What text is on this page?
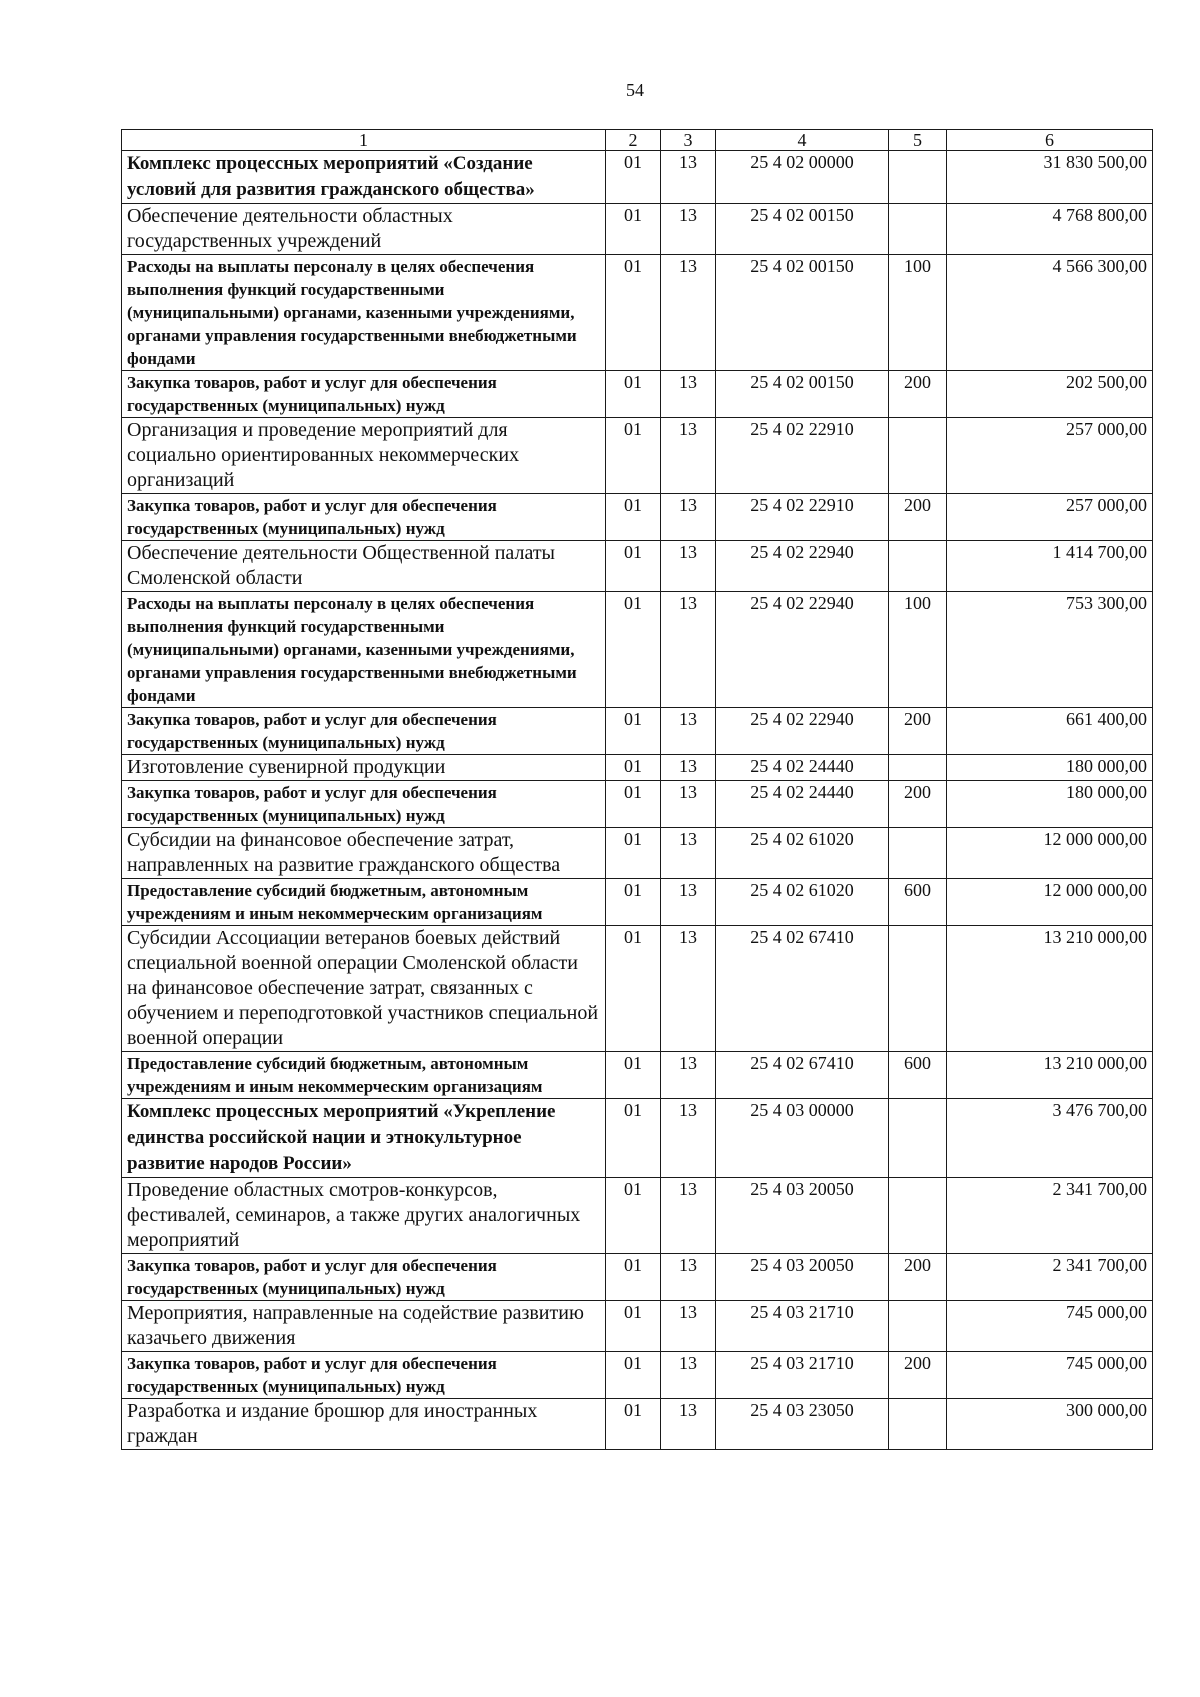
54
1	2	3	4	5	6
Комплекс процессных мероприятий «Создание условий для развития гражданского общества»	01	13	25 4 02 00000		31 830 500,00
Обеспечение деятельности областных государственных учреждений	01	13	25 4 02 00150		4 768 800,00
Расходы на выплаты персоналу в целях обеспечения выполнения функций государственными (муниципальными) органами, казенными учреждениями, органами управления государственными внебюджетными фондами	01	13	25 4 02 00150	100	4 566 300,00
Закупка товаров, работ и услуг для обеспечения государственных (муниципальных) нужд	01	13	25 4 02 00150	200	202 500,00
Организация и проведение мероприятий для социально ориентированных некоммерческих организаций	01	13	25 4 02 22910		257 000,00
Закупка товаров, работ и услуг для обеспечения государственных (муниципальных) нужд	01	13	25 4 02 22910	200	257 000,00
Обеспечение деятельности Общественной палаты Смоленской области	01	13	25 4 02 22940		1 414 700,00
Расходы на выплаты персоналу в целях обеспечения выполнения функций государственными (муниципальными) органами, казенными учреждениями, органами управления государственными внебюджетными фондами	01	13	25 4 02 22940	100	753 300,00
Закупка товаров, работ и услуг для обеспечения государственных (муниципальных) нужд	01	13	25 4 02 22940	200	661 400,00
Изготовление сувенирной продукции	01	13	25 4 02 24440		180 000,00
Закупка товаров, работ и услуг для обеспечения государственных (муниципальных) нужд	01	13	25 4 02 24440	200	180 000,00
Субсидии на финансовое обеспечение затрат, направленных на развитие гражданского общества	01	13	25 4 02 61020		12 000 000,00
Предоставление субсидий бюджетным, автономным учреждениям и иным некоммерческим организациям	01	13	25 4 02 61020	600	12 000 000,00
Субсидии Ассоциации ветеранов боевых действий специальной военной операции Смоленской области на финансовое обеспечение затрат, связанных с обучением и переподготовкой участников специальной военной операции	01	13	25 4 02 67410		13 210 000,00
Предоставление субсидий бюджетным, автономным учреждениям и иным некоммерческим организациям	01	13	25 4 02 67410	600	13 210 000,00
Комплекс процессных мероприятий «Укрепление единства российской нации и этнокультурное развитие народов России»	01	13	25 4 03 00000		3 476 700,00
Проведение областных смотров-конкурсов, фестивалей, семинаров, а также других аналогичных мероприятий	01	13	25 4 03 20050		2 341 700,00
Закупка товаров, работ и услуг для обеспечения государственных (муниципальных) нужд	01	13	25 4 03 20050	200	2 341 700,00
Мероприятия, направленные на содействие развитию казачьего движения	01	13	25 4 03 21710		745 000,00
Закупка товаров, работ и услуг для обеспечения государственных (муниципальных) нужд	01	13	25 4 03 21710	200	745 000,00
Разработка и издание брошюр для иностранных граждан	01	13	25 4 03 23050		300 000,00
